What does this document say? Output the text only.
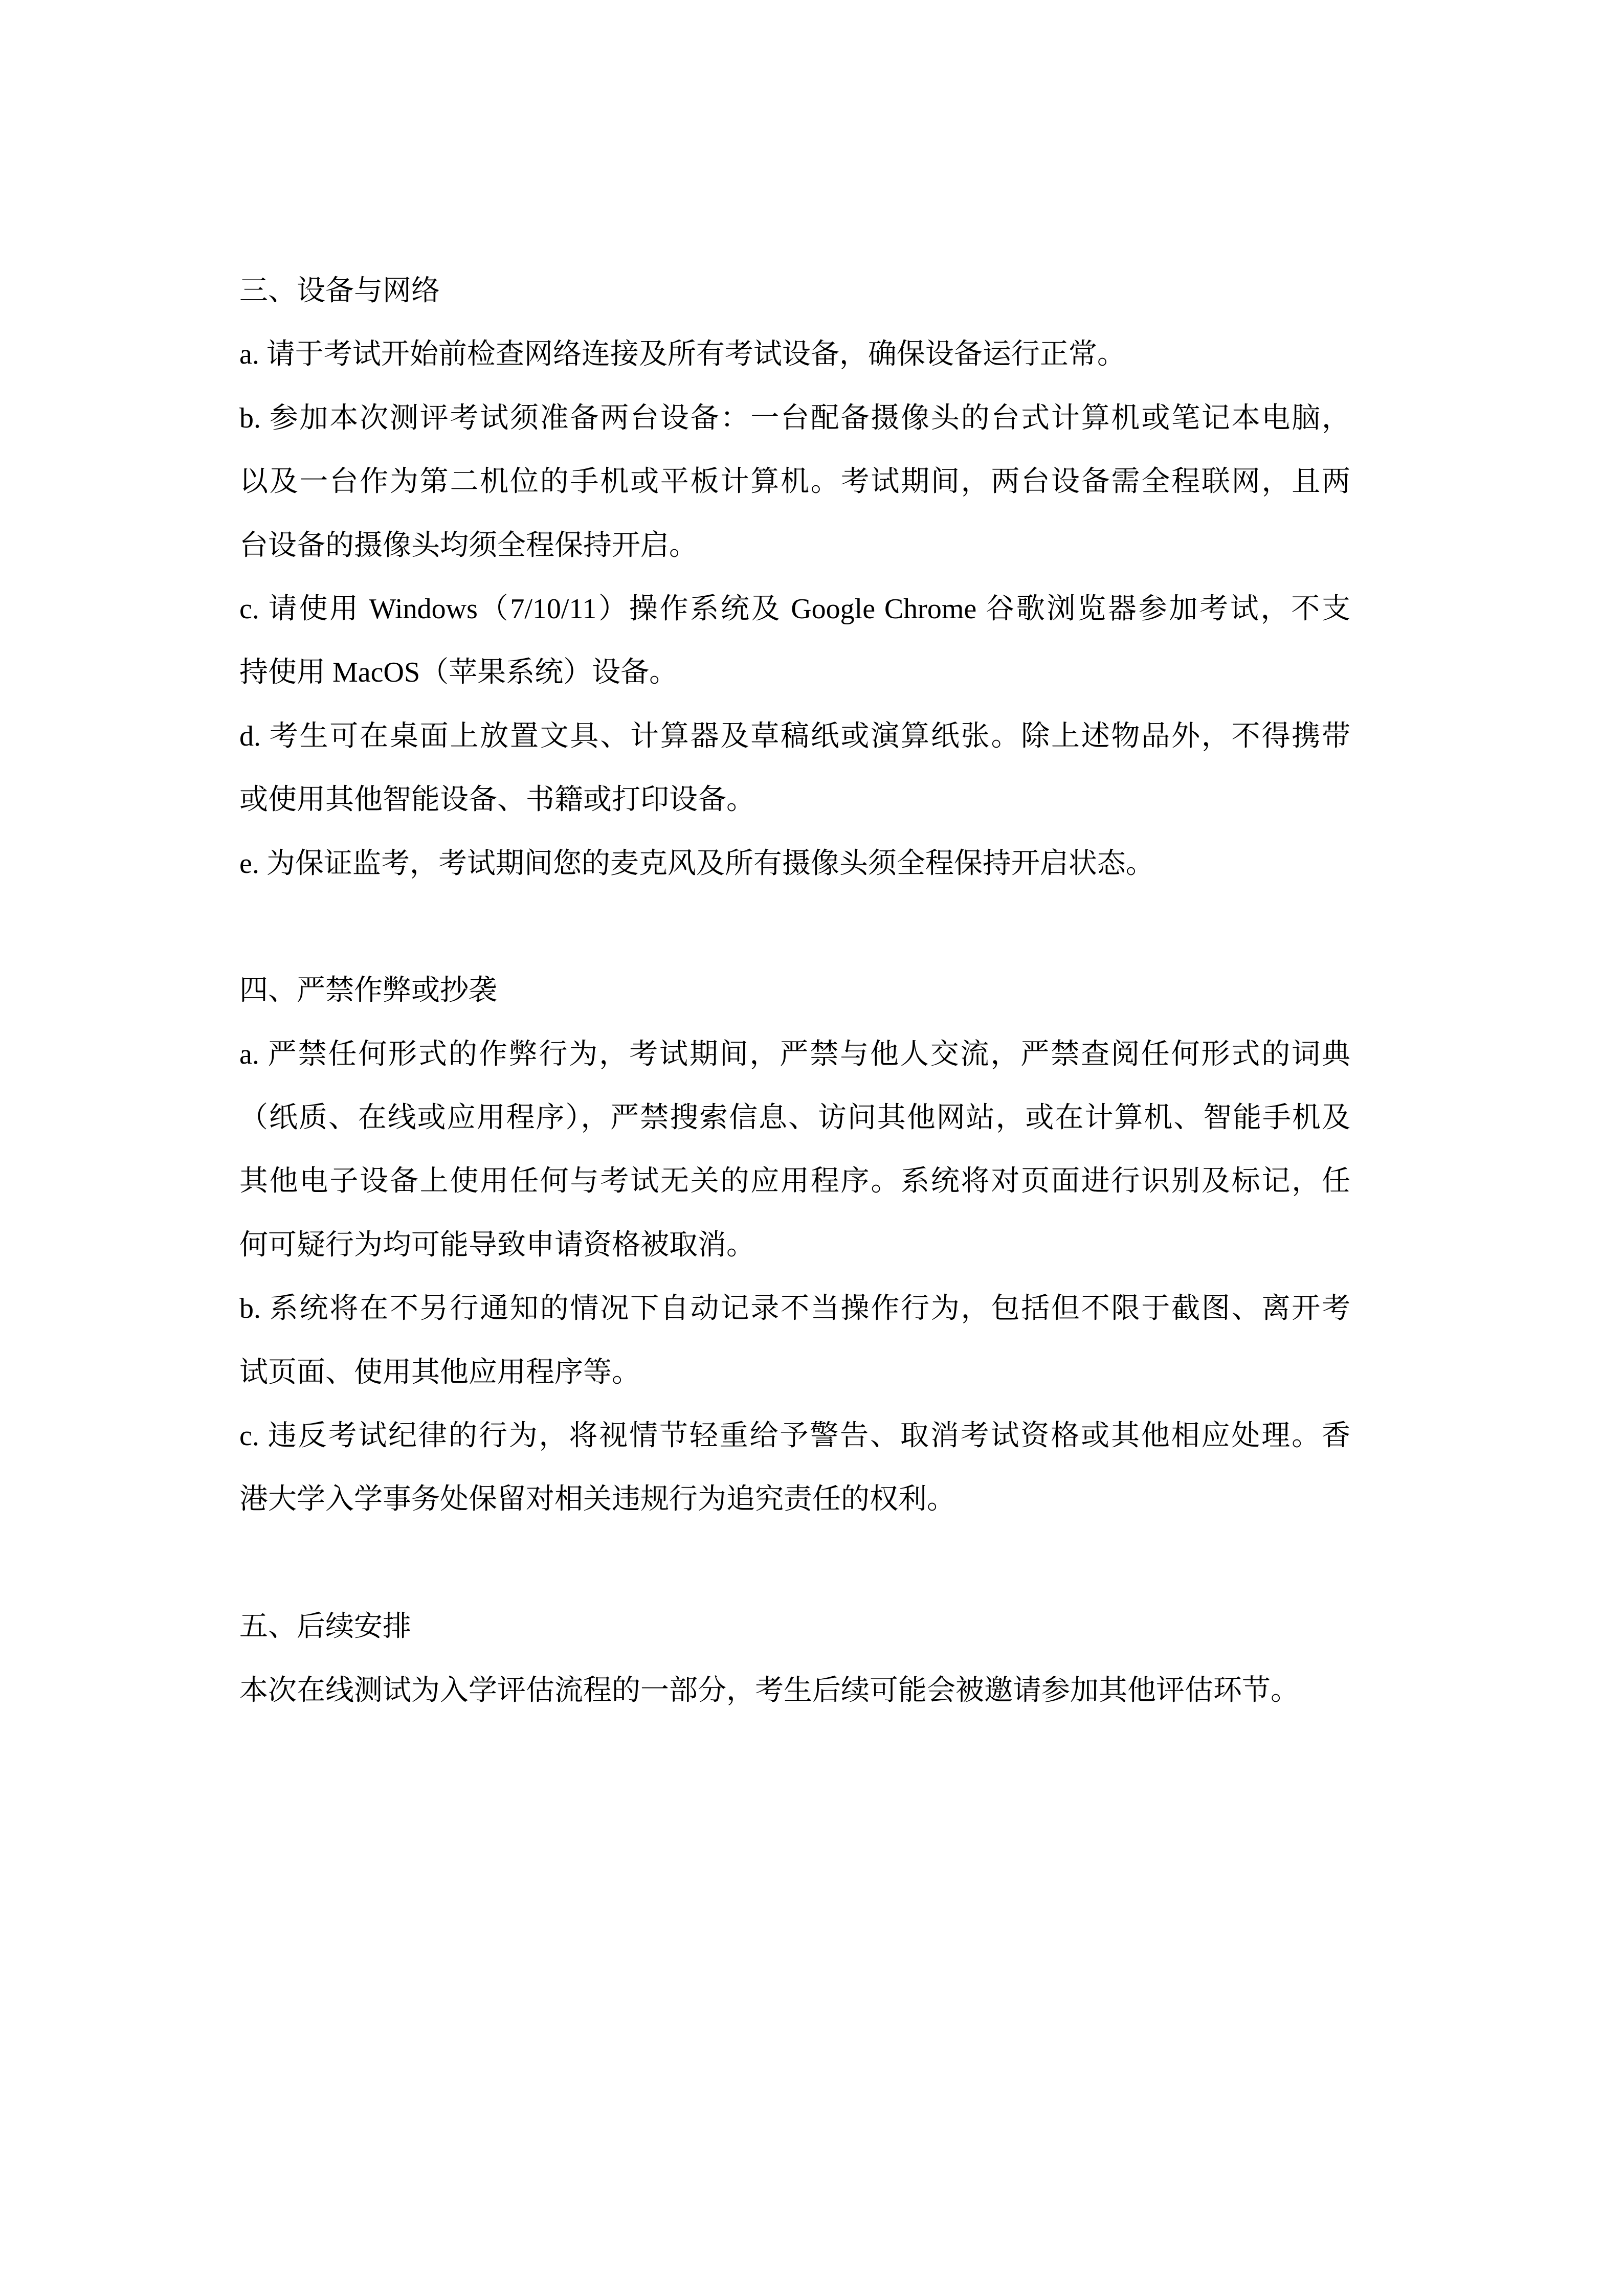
三、设备与网络
a. 请于考试开始前检查网络连接及所有考试设备，确保设备运行正常。
b. 参加本次测评考试须准备两台设备：一台配备摄像头的台式计算机或笔记本电脑，
以及一台作为第二机位的手机或平板计算机。考试期间，两台设备需全程联网，且两
台设备的摄像头均须全程保持开启。
c. 请使用 Windows（7/10/11）操作系统及 Google Chrome 谷歌浏览器参加考试，不支
持使用 MacOS（苹果系统）设备。
d. 考生可在桌面上放置文具、计算器及草稿纸或演算纸张。除上述物品外，不得携带
或使用其他智能设备、书籍或打印设备。
e. 为保证监考，考试期间您的麦克风及所有摄像头须全程保持开启状态。
四、严禁作弊或抄袭
a. 严禁任何形式的作弊行为，考试期间，严禁与他人交流，严禁查阅任何形式的词典
（纸质、在线或应用程序），严禁搜索信息、访问其他网站，或在计算机、智能手机及
其他电子设备上使用任何与考试无关的应用程序。系统将对页面进行识别及标记，任
何可疑行为均可能导致申请资格被取消。
b. 系统将在不另行通知的情况下自动记录不当操作行为，包括但不限于截图、离开考
试页面、使用其他应用程序等。
c. 违反考试纪律的行为，将视情节轻重给予警告、取消考试资格或其他相应处理。香
港大学入学事务处保留对相关违规行为追究责任的权利。
五、后续安排
本次在线测试为入学评估流程的一部分，考生后续可能会被邀请参加其他评估环节。
